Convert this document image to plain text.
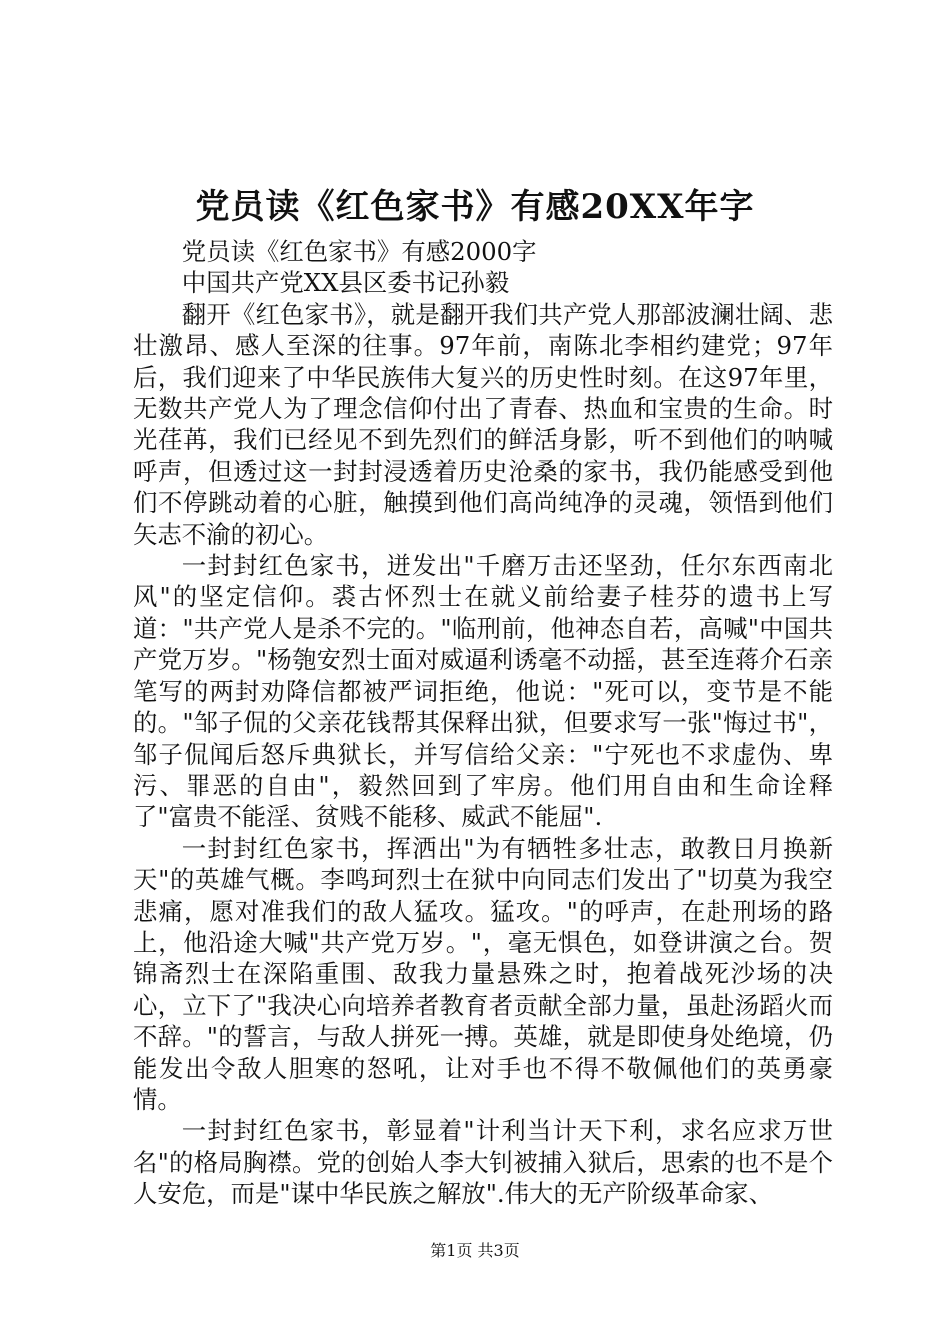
党员读《红色家书》有感20XX年字

党员读《红色家书》有感2000字

中国共产党XX县区委书记孙毅

翻开《红色家书》，就是翻开我们共产党人那部波澜壮阔、悲壮激昂、感人至深的往事。97年前，南陈北李相约建党；97年后，我们迎来了中华民族伟大复兴的历史性时刻。在这97年里，无数共产党人为了理念信仰付出了青春、热血和宝贵的生命。时光荏苒，我们已经见不到先烈们的鲜活身影，听不到他们的呐喊呼声，但透过这一封封浸透着历史沧桑的家书，我仍能感受到他们不停跳动着的心脏，触摸到他们高尚纯净的灵魂，领悟到他们矢志不渝的初心。

一封封红色家书，迸发出"千磨万击还坚劲，任尔东西南北风"的坚定信仰。裘古怀烈士在就义前给妻子桂芬的遗书上写道："共产党人是杀不完的。"临刑前，他神态自若，高喊"中国共产党万岁。"杨匏安烈士面对威逼利诱毫不动摇，甚至连蒋介石亲笔写的两封劝降信都被严词拒绝，他说："死可以，变节是不能的。"邹子侃的父亲花钱帮其保释出狱，但要求写一张"悔过书"，邹子侃闻后怒斥典狱长，并写信给父亲："宁死也不求虚伪、卑污、罪恶的自由"，毅然回到了牢房。他们用自由和生命诠释了"富贵不能淫、贫贱不能移、威武不能屈".

一封封红色家书，挥洒出"为有牺牲多壮志，敢教日月换新天"的英雄气概。李鸣珂烈士在狱中向同志们发出了"切莫为我空悲痛，愿对准我们的敌人猛攻。猛攻。"的呼声，在赴刑场的路上，他沿途大喊"共产党万岁。"，毫无惧色，如登讲演之台。贺锦斋烈士在深陷重围、敌我力量悬殊之时，抱着战死沙场的决心，立下了"我决心向培养者教育者贡献全部力量，虽赴汤蹈火而不辞。"的誓言，与敌人拼死一搏。英雄，就是即使身处绝境，仍能发出令敌人胆寒的怒吼，让对手也不得不敬佩他们的英勇豪情。

一封封红色家书，彰显着"计利当计天下利，求名应求万世名"的格局胸襟。党的创始人李大钊被捕入狱后，思索的也不是个人安危，而是"谋中华民族之解放".伟大的无产阶级革命家、

第1页 共3页
